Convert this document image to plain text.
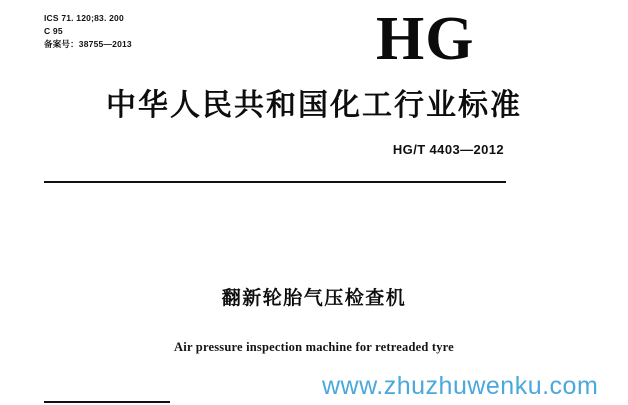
ICS 71. 120;83. 200
C 95
备案号：38755—2013	HG
中华人民共和国化工行业标准
HG/T 4403—2012
翻新轮胎气压检查机
Air pressure inspection machine for retreaded tyre
www.zhuzhuwenku.com
